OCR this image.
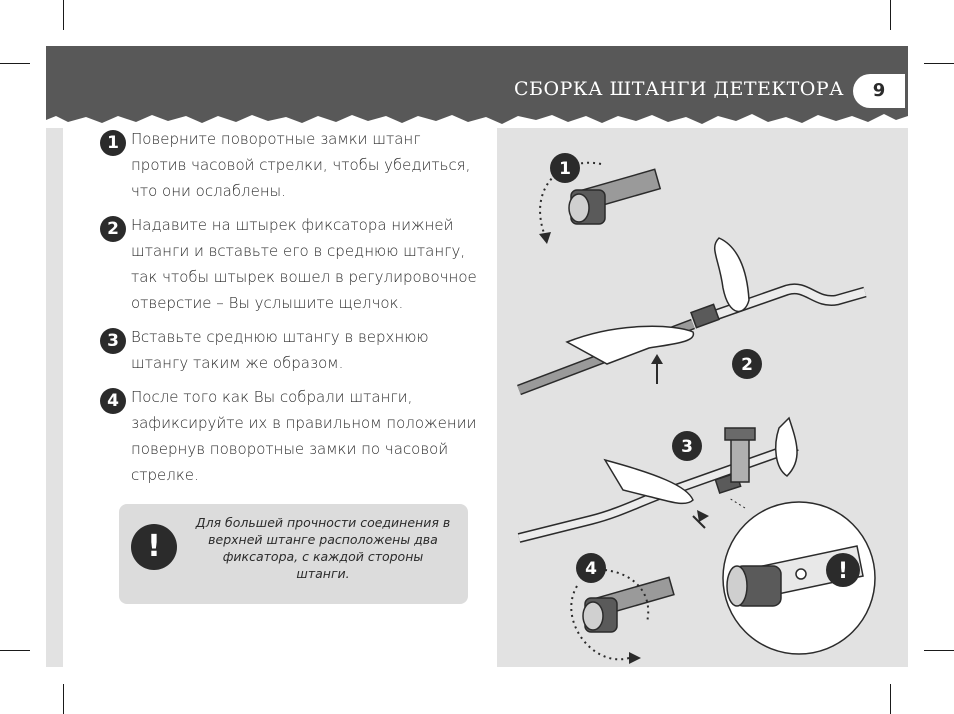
СБОРКА ШТАНГИ ДЕТЕКТОРА	9
1
2
3
!
4
1 Поверните поворотные замки штанг против часовой стрелки, чтобы убедиться, что они ослаблены.
2 Надавите на штырек фиксатора нижней штанги и вставьте его в среднюю штангу, так чтобы штырек вошел в регулировочное отверстие – Вы услышите щелчок.
3 Вставьте среднюю штангу в верхнюю штангу таким же образом.
4 После того как Вы собрали штанги, зафиксируйте их в правильном положении повернув поворотные замки по часовой стрелке.
!
Для большей прочности соединения в верхней штанге расположены два фиксатора, с каждой стороны штанги.
